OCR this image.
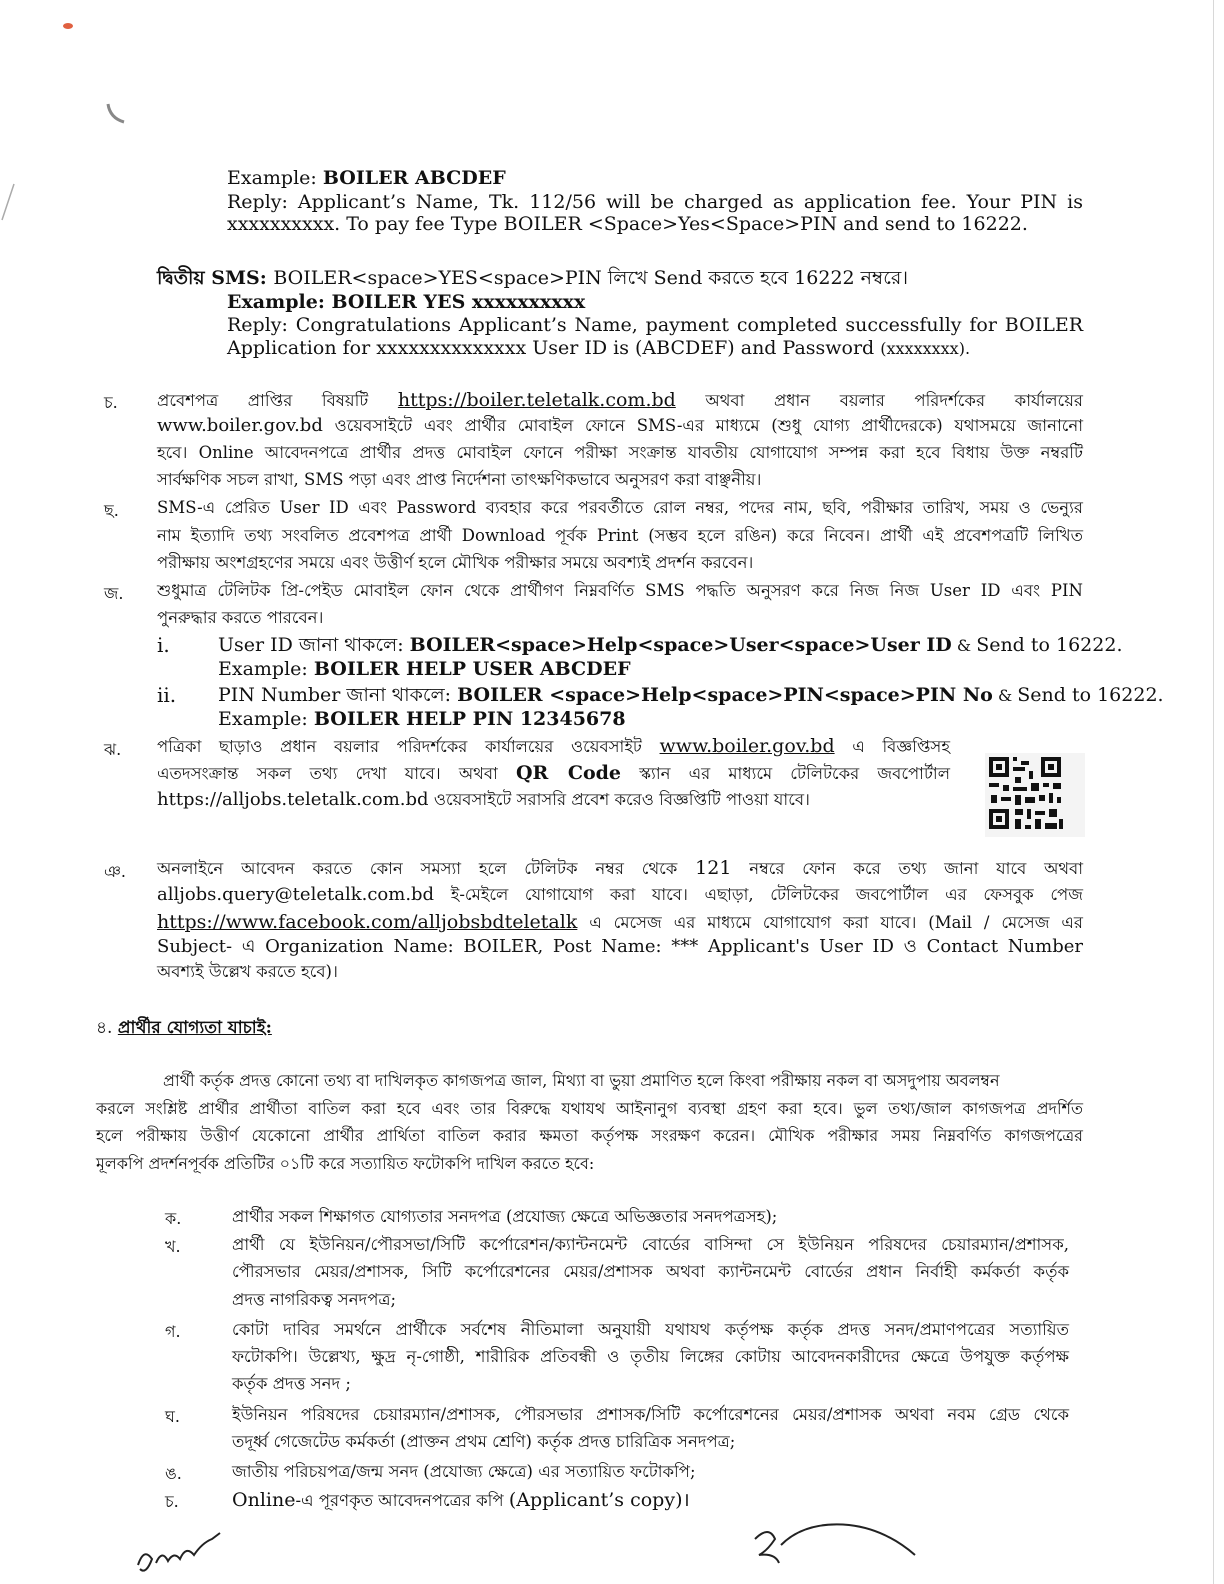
Example: BOILER ABCDEF
Reply: Applicant’s Name, Tk. 112/56 will be charged as application fee. Your PIN is
xxxxxxxxxx. To pay fee Type BOILER <Space>Yes<Space>PIN and send to 16222.
দ্বিতীয় SMS: BOILER<space>YES<space>PIN লিখে Send করতে হবে 16222 নম্বরে।
Example: BOILER YES xxxxxxxxxx
Reply: Congratulations Applicant’s Name, payment completed successfully for BOILER
Application for xxxxxxxxxxxxxx User ID is (ABCDEF) and Password (xxxxxxxx).
চ. প্রবেশপত্র প্রাপ্তির বিষয়টি https://boiler.teletalk.com.bd অথবা প্রধান বয়লার পরিদর্শকের কার্যালয়ের
www.boiler.gov.bd ওয়েবসাইটে এবং প্রার্থীর মোবাইল ফোনে SMS-এর মাধ্যমে (শুধু যোগ্য প্রার্থীদেরকে) যথাসময়ে জানানো
হবে। Online আবেদনপত্রে প্রার্থীর প্রদত্ত মোবাইল ফোনে পরীক্ষা সংক্রান্ত যাবতীয় যোগাযোগ সম্পন্ন করা হবে বিধায় উক্ত নম্বরটি
সার্বক্ষণিক সচল রাখা, SMS পড়া এবং প্রাপ্ত নির্দেশনা তাৎক্ষণিকভাবে অনুসরণ করা বাঞ্ছনীয়।
ছ. SMS-এ প্রেরিত User ID এবং Password ব্যবহার করে পরবর্তীতে রোল নম্বর, পদের নাম, ছবি, পরীক্ষার তারিখ, সময় ও ভেন্যুর
নাম ইত্যাদি তথ্য সংবলিত প্রবেশপত্র প্রার্থী Download পূর্বক Print (সম্ভব হলে রঙিন) করে নিবেন। প্রার্থী এই প্রবেশপত্রটি লিখিত
পরীক্ষায় অংশগ্রহণের সময়ে এবং উত্তীর্ণ হলে মৌখিক পরীক্ষার সময়ে অবশ্যই প্রদর্শন করবেন।
জ. শুধুমাত্র টেলিটক প্রি-পেইড মোবাইল ফোন থেকে প্রার্থীগণ নিম্নবর্ণিত SMS পদ্ধতি অনুসরণ করে নিজ নিজ User ID এবং PIN
পুনরুদ্ধার করতে পারবেন।
i.	User ID জানা থাকলে: BOILER<space>Help<space>User<space>User ID & Send to 16222.
Example: BOILER HELP USER ABCDEF
ii. PIN Number জানা থাকলে: BOILER <space>Help<space>PIN<space>PIN No & Send to 16222.
Example: BOILER HELP PIN 12345678
ঝ. পত্রিকা ছাড়াও প্রধান বয়লার পরিদর্শকের কার্যালয়ের ওয়েবসাইট www.boiler.gov.bd এ বিজ্ঞপ্তিসহ
এতদসংক্রান্ত সকল তথ্য দেখা যাবে। অথবা QR Code স্ক্যান এর মাধ্যমে টেলিটকের জবপোর্টাল
https://alljobs.teletalk.com.bd ওয়েবসাইটে সরাসরি প্রবেশ করেও বিজ্ঞপ্তিটি পাওয়া যাবে।
ঞ. অনলাইনে আবেদন করতে কোন সমস্যা হলে টেলিটক নম্বর থেকে 121 নম্বরে ফোন করে তথ্য জানা যাবে অথবা
alljobs.query@teletalk.com.bd ই-মেইলে যোগাযোগ করা যাবে। এছাড়া, টেলিটকের জবপোর্টাল এর ফেসবুক পেজ
https://www.facebook.com/alljobsbdteletalk এ মেসেজ এর মাধ্যমে যোগাযোগ করা যাবে। (Mail / মেসেজ এর
Subject- এ Organization Name: BOILER, Post Name: *** Applicant's User ID ও Contact Number
অবশ্যই উল্লেখ করতে হবে)।
৪. প্রার্থীর যোগ্যতা যাচাই:
প্রার্থী কর্তৃক প্রদত্ত কোনো তথ্য বা দাখিলকৃত কাগজপত্র জাল, মিথ্যা বা ভুয়া প্রমাণিত হলে কিংবা পরীক্ষায় নকল বা অসদুপায় অবলম্বন
করলে সংশ্লিষ্ট প্রার্থীর প্রার্থীতা বাতিল করা হবে এবং তার বিরুদ্ধে যথাযথ আইনানুগ ব্যবস্থা গ্রহণ করা হবে। ভুল তথ্য/জাল কাগজপত্র প্রদর্শিত
হলে পরীক্ষায় উত্তীর্ণ যেকোনো প্রার্থীর প্রার্থিতা বাতিল করার ক্ষমতা কর্তৃপক্ষ সংরক্ষণ করেন। মৌখিক পরীক্ষার সময় নিম্নবর্ণিত কাগজপত্রের
মূলকপি প্রদর্শনপূর্বক প্রতিটির ০১টি করে সত্যায়িত ফটোকপি দাখিল করতে হবে:
ক.	প্রার্থীর সকল শিক্ষাগত যোগ্যতার সনদপত্র (প্রযোজ্য ক্ষেত্রে অভিজ্ঞতার সনদপত্রসহ);
খ.	প্রার্থী যে ইউনিয়ন/পৌরসভা/সিটি কর্পোরেশন/ক্যান্টনমেন্ট বোর্ডের বাসিন্দা সে ইউনিয়ন পরিষদের চেয়ারম্যান/প্রশাসক,
পৌরসভার মেয়র/প্রশাসক, সিটি কর্পোরেশনের মেয়র/প্রশাসক অথবা ক্যান্টনমেন্ট বোর্ডের প্রধান নির্বাহী কর্মকর্তা কর্তৃক
প্রদত্ত নাগরিকত্ব সনদপত্র;
গ.	কোটা দাবির সমর্থনে প্রার্থীকে সর্বশেষ নীতিমালা অনুযায়ী যথাযথ কর্তৃপক্ষ কর্তৃক প্রদত্ত সনদ/প্রমাণপত্রের সত্যায়িত
ফটোকপি। উল্লেখ্য, ক্ষুদ্র নৃ-গোষ্ঠী, শারীরিক প্রতিবন্ধী ও তৃতীয় লিঙ্গের কোটায় আবেদনকারীদের ক্ষেত্রে উপযুক্ত কর্তৃপক্ষ
কর্তৃক প্রদত্ত সনদ ;
ঘ.	ইউনিয়ন পরিষদের চেয়ারম্যান/প্রশাসক, পৌরসভার প্রশাসক/সিটি কর্পোরেশনের মেয়র/প্রশাসক অথবা নবম গ্রেড থেকে
তদূর্ধ্ব গেজেটেড কর্মকর্তা (প্রাক্তন প্রথম শ্রেণি) কর্তৃক প্রদত্ত চারিত্রিক সনদপত্র;
ঙ.	জাতীয় পরিচয়পত্র/জন্ম সনদ (প্রযোজ্য ক্ষেত্রে) এর সত্যায়িত ফটোকপি;
চ.	Online-এ পূরণকৃত আবেদনপত্রের কপি (Applicant’s copy)।
